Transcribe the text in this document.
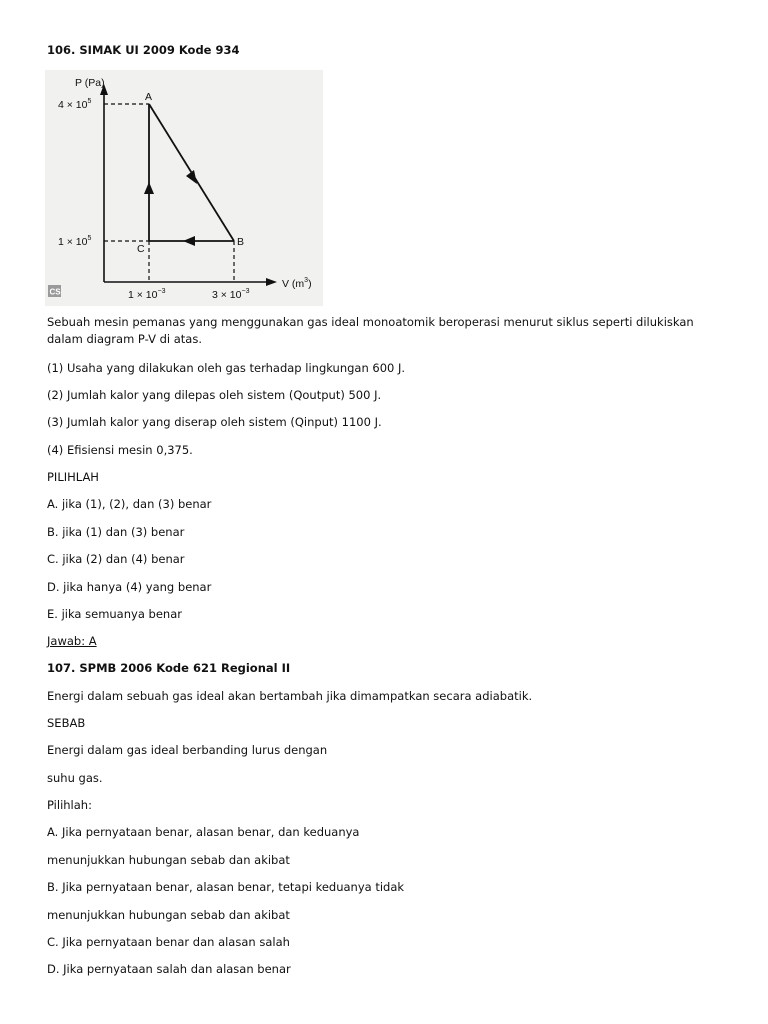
106. SIMAK UI 2009 Kode 934
P (Pa)
V $(m^3)$
$4 \times 10^5$
$1 \times 10^5$
$1 \times 10^{-3}$	$3 \times 10^{-3}$
A
B
C
CS
Sebuah mesin pemanas yang menggunakan gas ideal monoatomik beroperasi menurut siklus seperti dilukiskan
dalam diagram P-V di atas.
(1) Usaha yang dilakukan oleh gas terhadap lingkungan 600 J.
(2) Jumlah kalor yang dilepas oleh sistem (Qoutput) 500 J.
(3) Jumlah kalor yang diserap oleh sistem (Qinput) 1100 J.
(4) Efisiensi mesin 0,375.
PILIHLAH
A. jika (1), (2), dan (3) benar
B. jika (1) dan (3) benar
C. jika (2) dan (4) benar
D. jika hanya (4) yang benar
E. jika semuanya benar
Jawab: A
107. SPMB 2006 Kode 621 Regional II
Energi dalam sebuah gas ideal akan bertambah jika dimampatkan secara adiabatik.
SEBAB
Energi dalam gas ideal berbanding lurus dengan
suhu gas.
Pilihlah:
A. Jika pernyataan benar, alasan benar, dan keduanya
menunjukkan hubungan sebab dan akibat
B. Jika pernyataan benar, alasan benar, tetapi keduanya tidak
menunjukkan hubungan sebab dan akibat
C. Jika pernyataan benar dan alasan salah
D. Jika pernyataan salah dan alasan benar
